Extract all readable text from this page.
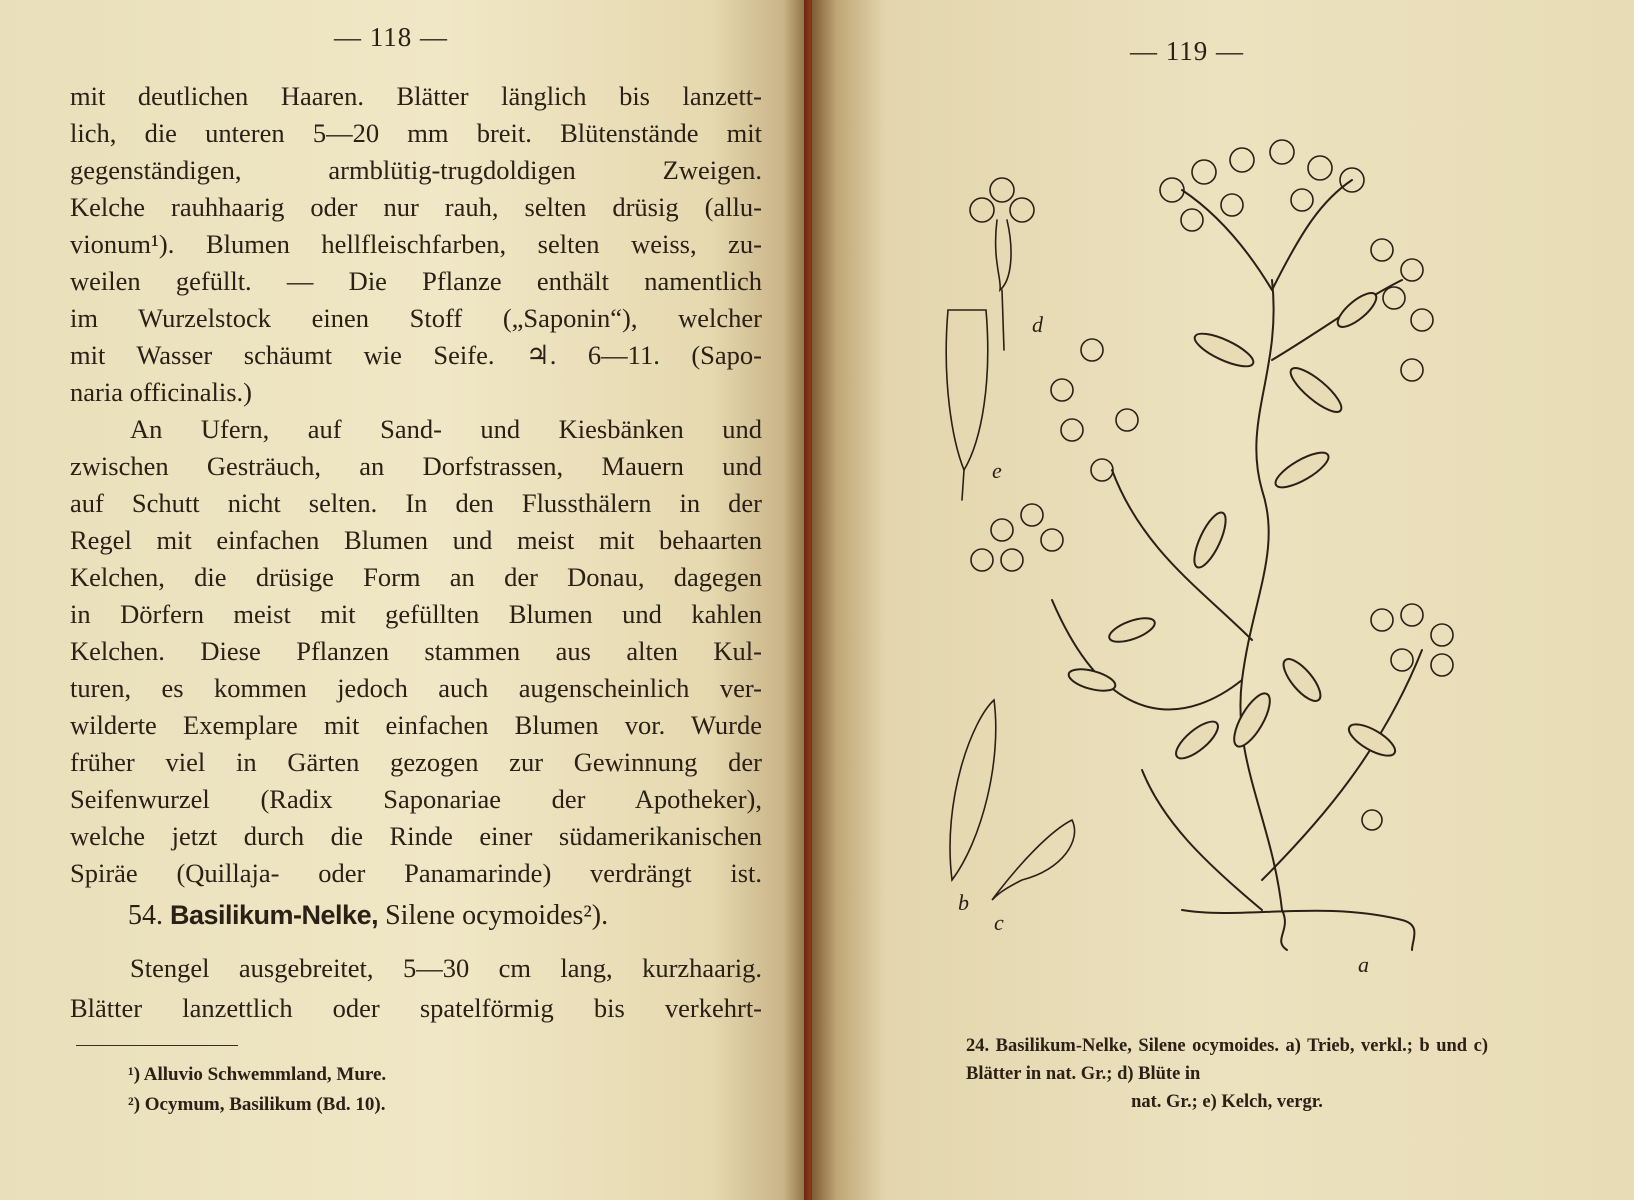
— 118 —

mit deutlichen Haaren. Blätter länglich bis lanzett-

lich, die unteren 5—20 mm breit. Blütenstände mit

gegenständigen, armblütig-trugdoldigen Zweigen.

Kelche rauhhaarig oder nur rauh, selten drüsig (allu-

vionum¹). Blumen hellfleischfarben, selten weiss, zu-

weilen gefüllt. — Die Pflanze enthält namentlich

im Wurzelstock einen Stoff („Saponin“), welcher

mit Wasser schäumt wie Seife. ♃. 6—11. (Sapo-

naria officinalis.)

An Ufern, auf Sand- und Kiesbänken und

zwischen Gesträuch, an Dorfstrassen, Mauern und

auf Schutt nicht selten. In den Flussthälern in der

Regel mit einfachen Blumen und meist mit behaarten

Kelchen, die drüsige Form an der Donau, dagegen

in Dörfern meist mit gefüllten Blumen und kahlen

Kelchen. Diese Pflanzen stammen aus alten Kul-

turen, es kommen jedoch auch augenscheinlich ver-

wilderte Exemplare mit einfachen Blumen vor. Wurde

früher viel in Gärten gezogen zur Gewinnung der

Seifenwurzel (Radix Saponariae der Apotheker),

welche jetzt durch die Rinde einer südamerikanischen

Spiräe (Quillaja- oder Panamarinde) verdrängt ist.

54. Basilikum-Nelke, Silene ocymoides²).

Stengel ausgebreitet, 5—30 cm lang, kurzhaarig.

Blätter lanzettlich oder spatelförmig bis verkehrt-

¹) Alluvio Schwemmland, Mure.
²) Ocymum, Basilikum (Bd. 10).
— 119 —
b
c
d
e
a
24. Basilikum-Nelke, Silene ocymoides. a) Trieb, verkl.; b und c) Blätter in nat. Gr.; d) Blüte in
nat. Gr.; e) Kelch, vergr.
